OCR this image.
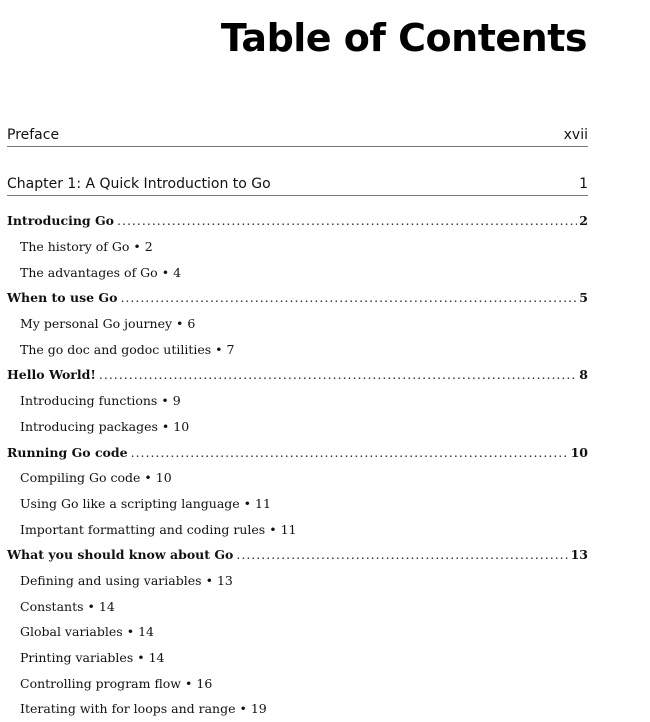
Table of Contents
Preface	xvii
Chapter 1: A Quick Introduction to Go	1
Introducing Go .....	2
The history of Go • 2
The advantages of Go • 4
When to use Go .....	5
My personal Go journey • 6
The go doc and godoc utilities • 7
Hello World! .....	8
Introducing functions • 9
Introducing packages • 10
Running Go code .....	10
Compiling Go code • 10
Using Go like a scripting language • 11
Important formatting and coding rules • 11
What you should know about Go .....	13
Defining and using variables • 13
Constants • 14
Global variables • 14
Printing variables • 14
Controlling program flow • 16
Iterating with for loops and range • 19
